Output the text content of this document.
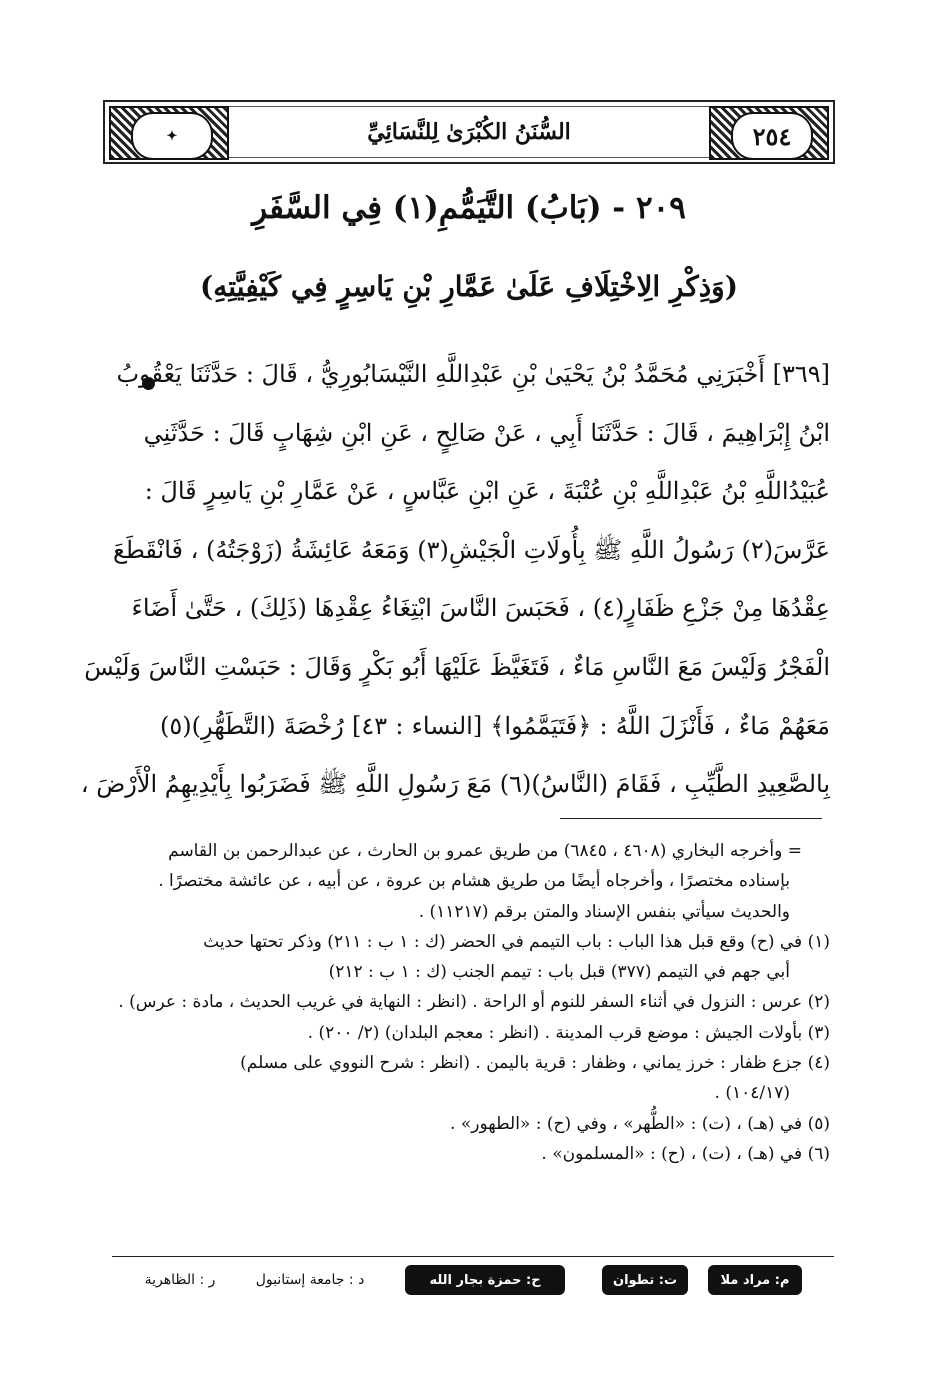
✦	السُّنَنُ الكُبْرَىٰ لِلنَّسَائِيِّ	٢٥٤
٢٠٩ - (بَابُ) التَّيَمُّمِ(١) فِي السَّفَرِ
(وَذِكْرِ الِاخْتِلَافِ عَلَىٰ عَمَّارِ بْنِ يَاسِرٍ فِي كَيْفِيَّتِهِ)
[٣٦٩] أَخْبَرَنِي مُحَمَّدُ بْنُ يَحْيَىٰ بْنِ عَبْدِاللَّهِ النَّيْسَابُورِيُّ ، قَالَ : حَدَّثَنَا يَعْقُوبُ
ابْنُ إِبْرَاهِيمَ ، قَالَ : حَدَّثَنَا أَبِي ، عَنْ صَالِحٍ ، عَنِ ابْنِ شِهَابٍ قَالَ : حَدَّثَنِي
عُبَيْدُاللَّهِ بْنُ عَبْدِاللَّهِ بْنِ عُتْبَةَ ، عَنِ ابْنِ عَبَّاسٍ ، عَنْ عَمَّارِ بْنِ يَاسِرٍ قَالَ :
عَرَّسَ(٢) رَسُولُ اللَّهِ ﷺ بِأُولَاتِ الْجَيْشِ(٣) وَمَعَهُ عَائِشَةُ (زَوْجَتُهُ) ، فَانْقَطَعَ
عِقْدُهَا مِنْ جَزْعِ ظَفَارٍ(٤) ، فَحَبَسَ النَّاسَ ابْتِغَاءُ عِقْدِهَا (ذَلِكَ) ، حَتَّىٰ أَضَاءَ
الْفَجْرُ وَلَيْسَ مَعَ النَّاسِ مَاءٌ ، فَتَغَيَّظَ عَلَيْهَا أَبُو بَكْرٍ وَقَالَ : حَبَسْتِ النَّاسَ وَلَيْسَ
مَعَهُمْ مَاءٌ ، فَأَنْزَلَ اللَّهُ : ﴿فَتَيَمَّمُوا﴾ [النساء : ٤٣] رُخْصَةَ (التَّطَهُّرِ)(٥)
بِالصَّعِيدِ الطَّيِّبِ ، فَقَامَ (النَّاسُ)(٦) مَعَ رَسُولِ اللَّهِ ﷺ فَضَرَبُوا بِأَيْدِيهِمُ الْأَرْضَ ،
= وأخرجه البخاري (٤٦٠٨ ، ٦٨٤٥) من طريق عمرو بن الحارث ، عن عبدالرحمن بن القاسم
بإسناده مختصرًا ، وأخرجاه أيضًا من طريق هشام بن عروة ، عن أبيه ، عن عائشة مختصرًا .
والحديث سيأتي بنفس الإسناد والمتن برقم (١١٢١٧) .
(١) في (ح) وقع قبل هذا الباب : باب التيمم في الحضر (ك : ١ ب : ٢١١) وذكر تحتها حديث
أبي جهم في التيمم (٣٧٧) قبل باب : تيمم الجنب (ك : ١ ب : ٢١٢)
(٢) عرس : النزول في أثناء السفر للنوم أو الراحة . (انظر : النهاية في غريب الحديث ، مادة : عرس) .
(٣) بأولات الجيش : موضع قرب المدينة . (انظر : معجم البلدان) (٢/ ٢٠٠) .
(٤) جزع ظفار : خرز يماني ، وظفار : قرية باليمن . (انظر : شرح النووي على مسلم)
(١٠٤/١٧) .
(٥) في (هـ) ، (ت) : «الطُّهر» ، وفي (ح) : «الطهور» .
(٦) في (هـ) ، (ت) ، (ح) : «المسلمون» .
م: مراد ملا
ت: تطوان
ح: حمزة بجار الله
د : جامعة إستانبول
ر : الظاهرية
